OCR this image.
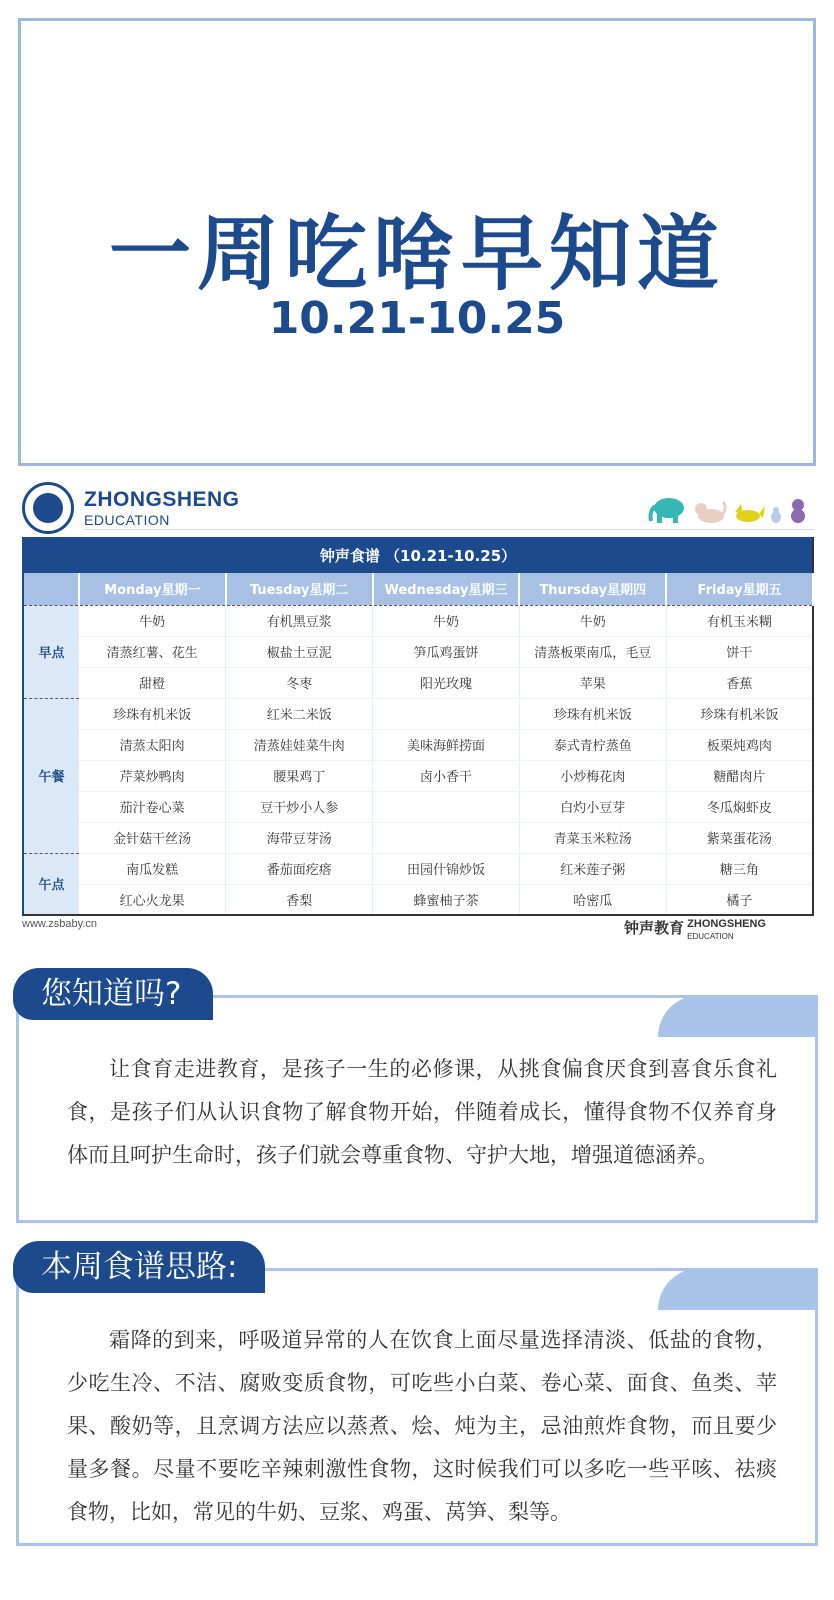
一周吃啥早知道
10.21-10.25
ZHONGSHENG
EDUCATION
钟声食谱 （10.21-10.25）					
	Monday星期一	Tuesday星期二	Wednesday星期三	Thursday星期四	Friday星期五
早点	牛奶	有机黑豆浆	牛奶	牛奶	有机玉米糊
	清蒸红薯、花生	椒盐土豆泥	笋瓜鸡蛋饼	清蒸板栗南瓜，毛豆	饼干
	甜橙	冬枣	阳光玫瑰	苹果	香蕉
午餐	珍珠有机米饭	红米二米饭		珍珠有机米饭	珍珠有机米饭
	清蒸太阳肉	清蒸娃娃菜牛肉	美味海鲜捞面	泰式青柠蒸鱼	板栗炖鸡肉
	芹菜炒鸭肉	腰果鸡丁	卤小香干	小炒梅花肉	糖醋肉片
	茄汁卷心菜	豆干炒小人参		白灼小豆芽	冬瓜焖虾皮
	金针菇干丝汤	海带豆芽汤		青菜玉米粒汤	紫菜蛋花汤
午点	南瓜发糕	番茄面疙瘩	田园什锦炒饭	红米莲子粥	糖三角
	红心火龙果	香梨	蜂蜜柚子茶	哈密瓜	橘子
www.zsbaby.cn	钟声教育 ZHONGSHENG
EDUCATION
您知道吗?
让食育走进教育，是孩子一生的必修课，从挑食偏食厌食到喜食乐食礼食，是孩子们从认识食物了解食物开始，伴随着成长，懂得食物不仅养育身体而且呵护生命时，孩子们就会尊重食物、守护大地，增强道德涵养。
本周食谱思路:
霜降的到来，呼吸道异常的人在饮食上面尽量选择清淡、低盐的食物，少吃生冷、不洁、腐败变质食物，可吃些小白菜、卷心菜、面食、鱼类、苹果、酸奶等，且烹调方法应以蒸煮、烩、炖为主，忌油煎炸食物，而且要少量多餐。尽量不要吃辛辣刺激性食物，这时候我们可以多吃一些平咳、祛痰食物，比如，常见的牛奶、豆浆、鸡蛋、莴笋、梨等。
